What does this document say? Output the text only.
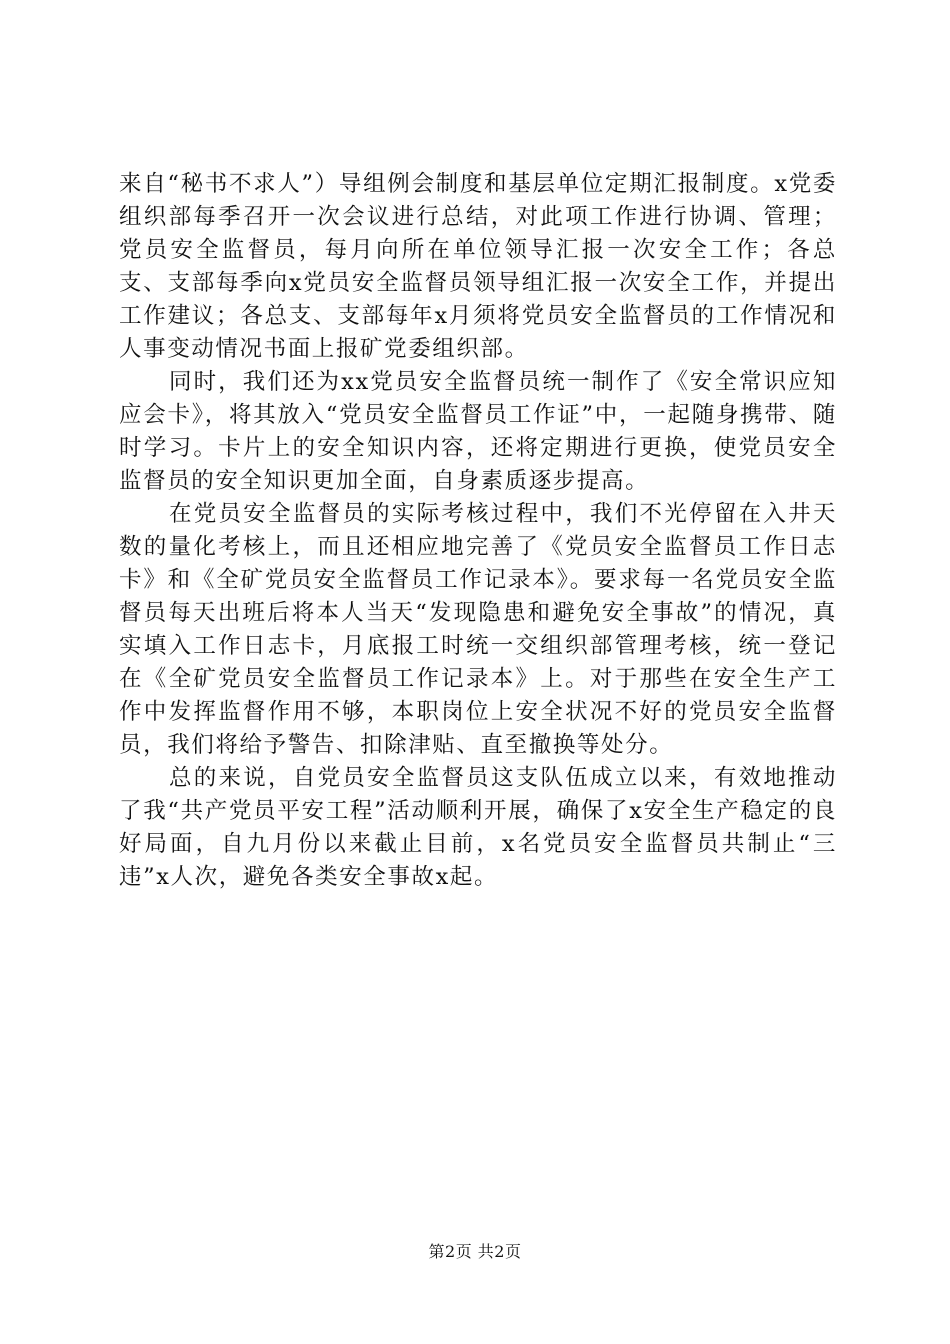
来自“秘书不求人”）导组例会制度和基层单位定期汇报制度。x党委组织部每季召开一次会议进行总结，对此项工作进行协调、管理；党员安全监督员，每月向所在单位领导汇报一次安全工作；各总支、支部每季向x党员安全监督员领导组汇报一次安全工作，并提出工作建议；各总支、支部每年x月须将党员安全监督员的工作情况和人事变动情况书面上报矿党委组织部。

同时，我们还为xx党员安全监督员统一制作了《安全常识应知应会卡》，将其放入“党员安全监督员工作证”中，一起随身携带、随时学习。卡片上的安全知识内容，还将定期进行更换，使党员安全监督员的安全知识更加全面，自身素质逐步提高。

在党员安全监督员的实际考核过程中，我们不光停留在入井天数的量化考核上，而且还相应地完善了《党员安全监督员工作日志卡》和《全矿党员安全监督员工作记录本》。要求每一名党员安全监督员每天出班后将本人当天“发现隐患和避免安全事故”的情况，真实填入工作日志卡，月底报工时统一交组织部管理考核，统一登记在《全矿党员安全监督员工作记录本》上。对于那些在安全生产工作中发挥监督作用不够，本职岗位上安全状况不好的党员安全监督员，我们将给予警告、扣除津贴、直至撤换等处分。

总的来说，自党员安全监督员这支队伍成立以来，有效地推动了我“共产党员平安工程”活动顺利开展，确保了x安全生产稳定的良好局面，自九月份以来截止目前，x名党员安全监督员共制止“三违”x人次，避免各类安全事故x起。

第2页 共2页
